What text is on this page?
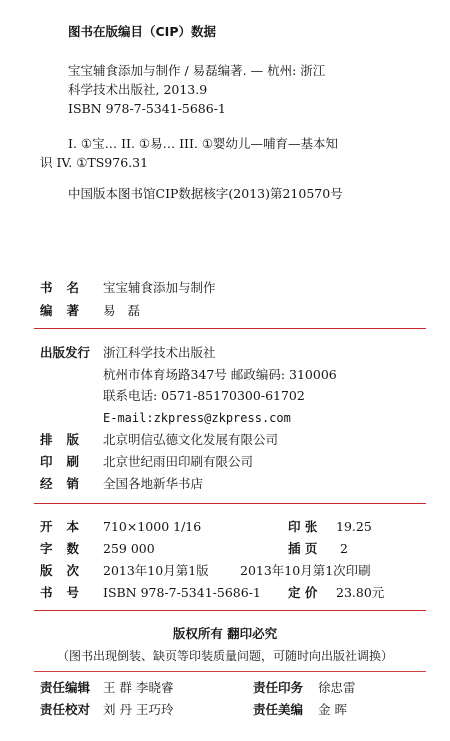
图书在版编目（CIP）数据
宝宝辅食添加与制作 / 易磊编著. — 杭州: 浙江
科学技术出版社, 2013.9
ISBN 978-7-5341-5686-1
I. ①宝… II. ①易… III. ①婴幼儿—哺育—基本知
识 IV. ①TS976.31
中国版本图书馆CIP数据核字(2013)第210570号
书名 宝宝辅食添加与制作
编著 易 磊
出版发行 浙江科学技术出版社
杭州市体育场路347号 邮政编码: 310006
联系电话: 0571-85170300-61702
E-mail:zkpress@zkpress.com
排版 北京明信弘德文化发展有限公司
印刷 北京世纪雨田印刷有限公司
经销 全国各地新华书店
开本 710×1000 1/16	印 张 19.25
字数 259 000	插 页 2
版次 2013年10月第1版	2013年10月第1次印刷
书号 ISBN 978-7-5341-5686-1 定 价 23.80元
版权所有 翻印必究
（图书出现倒装、缺页等印装质量问题，可随时向出版社调换）
责任编辑 王 群 李晓睿	责任印务 徐忠雷
责任校对 刘 丹 王巧玲	责任美编 金 晖
